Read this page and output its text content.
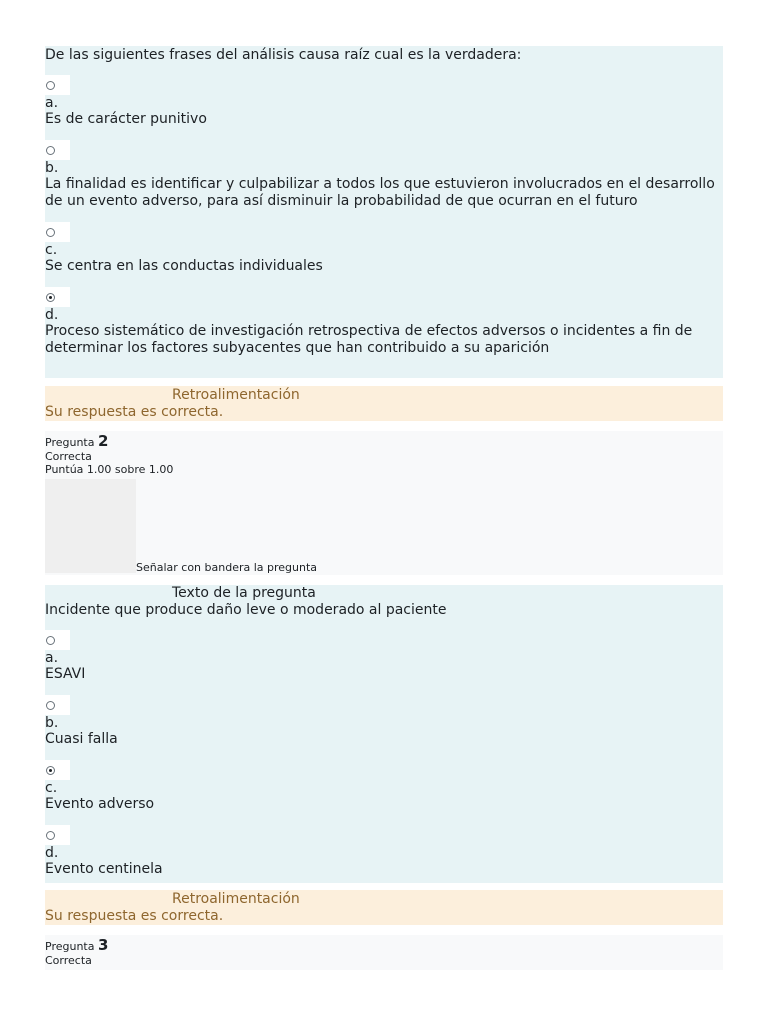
De las siguientes frases del análisis causa raíz cual es la verdadera:
a.
Es de carácter punitivo
b.
La finalidad es identificar y culpabilizar a todos los que estuvieron involucrados en el desarrollo de un evento adverso, para así disminuir la probabilidad de que ocurran en el futuro
c.
Se centra en las conductas individuales
d.
Proceso sistemático de investigación retrospectiva de efectos adversos o incidentes a fin de determinar los factores subyacentes que han contribuido a su aparición
Retroalimentación
Su respuesta es correcta.
Pregunta 2
Correcta
Puntúa 1.00 sobre 1.00
Señalar con bandera la pregunta
Texto de la pregunta
Incidente que produce daño leve o moderado al paciente
a.
ESAVI
b.
Cuasi falla
c.
Evento adverso
d.
Evento centinela
Retroalimentación
Su respuesta es correcta.
Pregunta 3
Correcta
